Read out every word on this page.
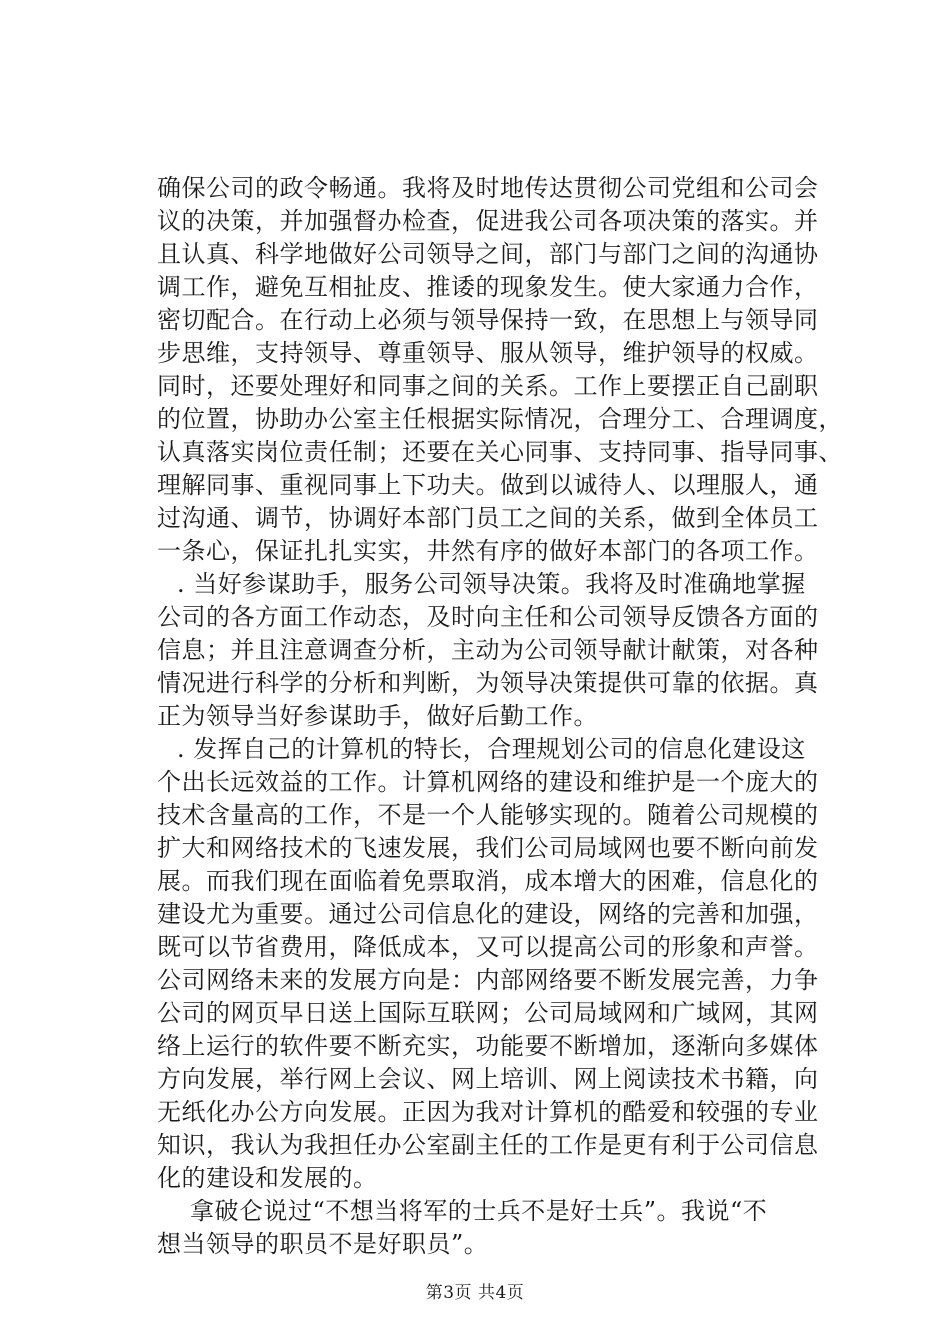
确保公司的政令畅通。我将及时地传达贯彻公司党组和公司会
议的决策，并加强督办检查，促进我公司各项决策的落实。并
且认真、科学地做好公司领导之间，部门与部门之间的沟通协
调工作，避免互相扯皮、推诿的现象发生。使大家通力合作，
密切配合。在行动上必须与领导保持一致，在思想上与领导同
步思维，支持领导、尊重领导、服从领导，维护领导的权威。
同时，还要处理好和同事之间的关系。工作上要摆正自己副职
的位置，协助办公室主任根据实际情况，合理分工、合理调度，
认真落实岗位责任制；还要在关心同事、支持同事、指导同事、
理解同事、重视同事上下功夫。做到以诚待人、以理服人，通
过沟通、调节，协调好本部门员工之间的关系，做到全体员工
一条心，保证扎扎实实，井然有序的做好本部门的各项工作。
. 当好参谋助手，服务公司领导决策。我将及时准确地掌握
公司的各方面工作动态，及时向主任和公司领导反馈各方面的
信息；并且注意调查分析，主动为公司领导献计献策，对各种
情况进行科学的分析和判断，为领导决策提供可靠的依据。真
正为领导当好参谋助手，做好后勤工作。
. 发挥自己的计算机的特长，合理规划公司的信息化建设这
个出长远效益的工作。计算机网络的建设和维护是一个庞大的
技术含量高的工作，不是一个人能够实现的。随着公司规模的
扩大和网络技术的飞速发展，我们公司局域网也要不断向前发
展。而我们现在面临着免票取消，成本增大的困难，信息化的
建设尤为重要。通过公司信息化的建设，网络的完善和加强，
既可以节省费用，降低成本，又可以提高公司的形象和声誉。
公司网络未来的发展方向是：内部网络要不断发展完善，力争
公司的网页早日送上国际互联网；公司局域网和广域网，其网
络上运行的软件要不断充实，功能要不断增加，逐渐向多媒体
方向发展，举行网上会议、网上培训、网上阅读技术书籍，向
无纸化办公方向发展。正因为我对计算机的酷爱和较强的专业
知识，我认为我担任办公室副主任的工作是更有利于公司信息
化的建设和发展的。
拿破仑说过“不想当将军的士兵不是好士兵”。我说“不
想当领导的职员不是好职员”。
第3页 共4页
